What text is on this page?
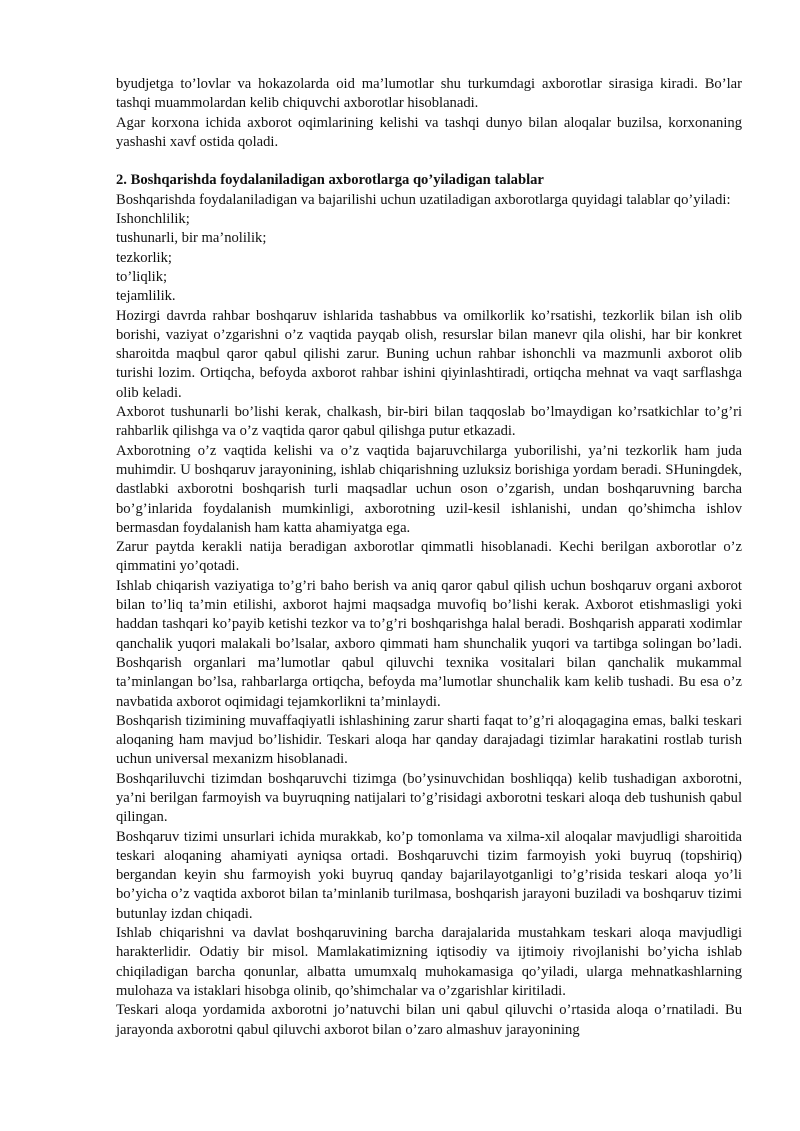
byudjetga to’lovlar va hokazolarda oid ma’lumotlar shu turkumdagi axborotlar sirasiga kiradi. Bo’lar tashqi muammolardan kelib chiquvchi axborotlar hisoblanadi.

Agar korxona ichida axborot oqimlarining kelishi va tashqi dunyo bilan aloqalar buzilsa, korxonaning yashashi xavf ostida qoladi.

2. Boshqarishda foydalaniladigan axborotlarga qo’yiladigan talablar

Boshqarishda foydalaniladigan va bajarilishi uchun uzatiladigan axborotlarga quyidagi talablar qo’yiladi:

Ishonchlilik;

tushunarli, bir ma’nolilik;

tezkorlik;

to’liqlik;

tejamlilik.

Hozirgi davrda rahbar boshqaruv ishlarida tashabbus va omilkorlik ko’rsatishi, tezkorlik bilan ish olib borishi, vaziyat o’zgarishni o’z vaqtida payqab olish, resurslar bilan manevr qila olishi, har bir konkret sharoitda maqbul qaror qabul qilishi zarur. Buning uchun rahbar ishonchli va mazmunli axborot olib turishi lozim. Ortiqcha, befoyda axborot rahbar ishini qiyinlashtiradi, ortiqcha mehnat va vaqt sarflashga olib keladi.

Axborot tushunarli bo’lishi kerak, chalkash, bir-biri bilan taqqoslab bo’lmaydigan ko’rsatkichlar to’g’ri rahbarlik qilishga va o’z vaqtida qaror qabul qilishga putur etkazadi.

Axborotning o’z vaqtida kelishi va o’z vaqtida bajaruvchilarga yuborilishi, ya’ni tezkorlik ham juda muhimdir. U boshqaruv jarayonining, ishlab chiqarishning uzluksiz borishiga yordam beradi. SHuningdek, dastlabki axborotni boshqarish turli maqsadlar uchun oson o’zgarish, undan boshqaruvning barcha bo’g’inlarida foydalanish mumkinligi, axborotning uzil-kesil ishlanishi, undan qo’shimcha ishlov bermasdan foydalanish ham katta ahamiyatga ega.

Zarur paytda kerakli natija beradigan axborotlar qimmatli hisoblanadi. Kechi berilgan axborotlar o’z qimmatini yo’qotadi.

Ishlab chiqarish vaziyatiga to’g’ri baho berish va aniq qaror qabul qilish uchun boshqaruv organi axborot bilan to’liq ta’min etilishi, axborot hajmi maqsadga muvofiq bo’lishi kerak. Axborot etishmasligi yoki haddan tashqari ko’payib ketishi tezkor va to’g’ri boshqarishga halal beradi. Boshqarish apparati xodimlar qanchalik yuqori malakali bo’lsalar, axboro qimmati ham shunchalik yuqori va tartibga solingan bo’ladi. Boshqarish organlari ma’lumotlar qabul qiluvchi texnika vositalari bilan qanchalik mukammal ta’minlangan bo’lsa, rahbarlarga ortiqcha, befoyda ma’lumotlar shunchalik kam kelib tushadi. Bu esa o’z navbatida axborot oqimidagi tejamkorlikni ta’minlaydi.

Boshqarish tizimining muvaffaqiyatli ishlashining zarur sharti faqat to’g’ri aloqagagina emas, balki teskari aloqaning ham mavjud bo’lishidir. Teskari aloqa har qanday darajadagi tizimlar harakatini rostlab turish uchun universal mexanizm hisoblanadi.

Boshqariluvchi tizimdan boshqaruvchi tizimga (bo’ysinuvchidan boshliqqa) kelib tushadigan axborotni, ya’ni berilgan farmoyish va buyruqning natijalari to’g’risidagi axborotni teskari aloqa deb tushunish qabul qilingan.

Boshqaruv tizimi unsurlari ichida murakkab, ko’p tomonlama va xilma-xil aloqalar mavjudligi sharoitida teskari aloqaning ahamiyati ayniqsa ortadi. Boshqaruvchi tizim farmoyish yoki buyruq (topshiriq) bergandan keyin shu farmoyish yoki buyruq qanday bajarilayotganligi to’g’risida teskari aloqa yo’li bo’yicha o’z vaqtida axborot bilan ta’minlanib turilmasa, boshqarish jarayoni buziladi va boshqaruv tizimi butunlay izdan chiqadi.

Ishlab chiqarishni va davlat boshqaruvining barcha darajalarida mustahkam teskari aloqa mavjudligi harakterlidir. Odatiy bir misol. Mamlakatimizning iqtisodiy va ijtimoiy rivojlanishi bo’yicha ishlab chiqiladigan barcha qonunlar, albatta umumxalq muhokamasiga qo’yiladi, ularga mehnatkashlarning mulohaza va istaklari hisobga olinib, qo’shimchalar va o’zgarishlar kiritiladi.

Teskari aloqa yordamida axborotni jo’natuvchi bilan uni qabul qiluvchi o’rtasida aloqa o’rnatiladi. Bu jarayonda axborotni qabul qiluvchi axborot bilan o’zaro almashuv jarayonining
